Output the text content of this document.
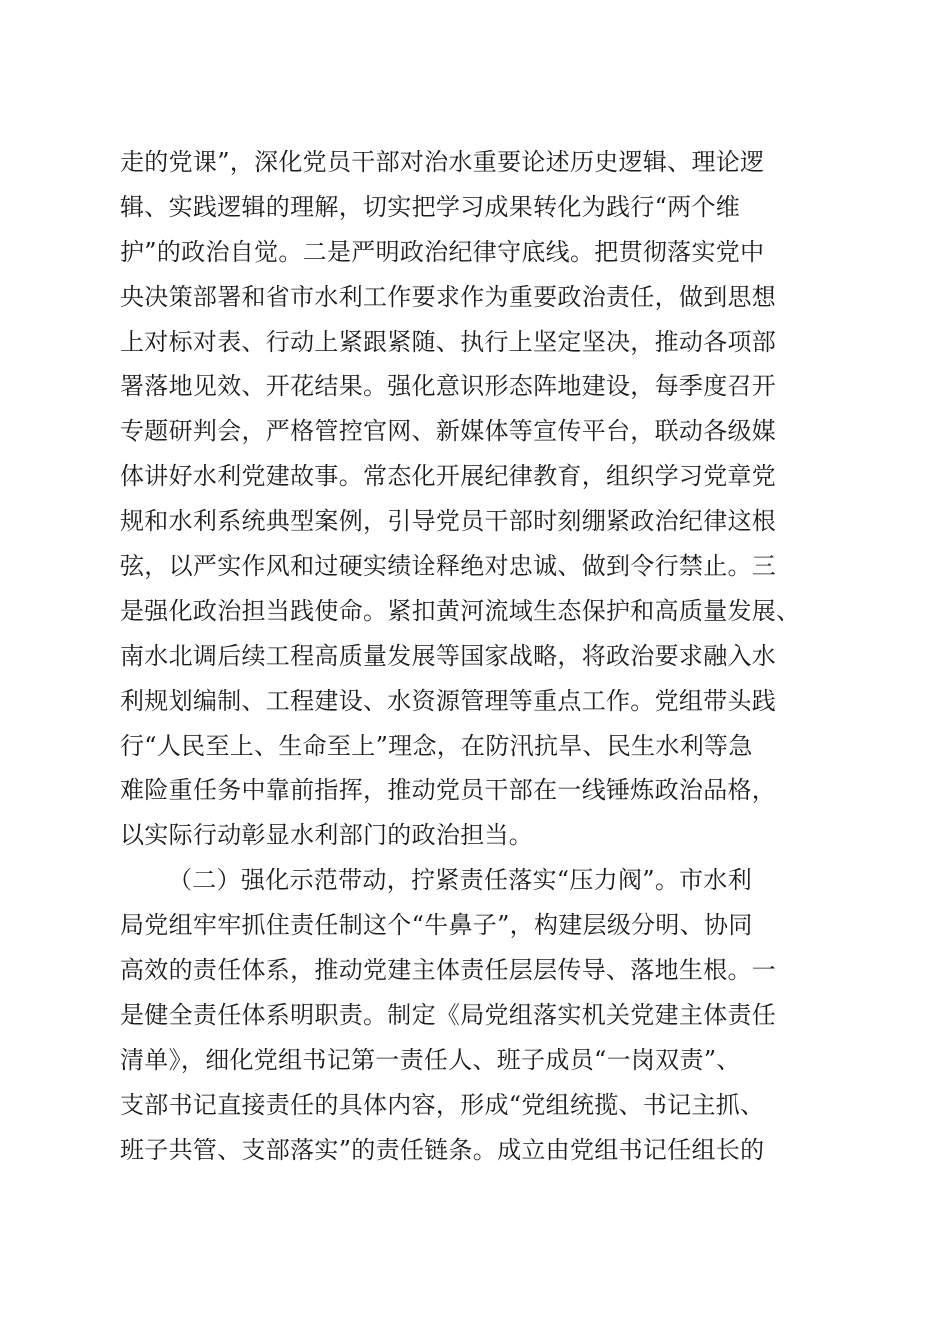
走的党课”，深化党员干部对治水重要论述历史逻辑、理论逻
辑、实践逻辑的理解，切实把学习成果转化为践行“两个维
护”的政治自觉。二是严明政治纪律守底线。把贯彻落实党中
央决策部署和省市水利工作要求作为重要政治责任，做到思想
上对标对表、行动上紧跟紧随、执行上坚定坚决，推动各项部
署落地见效、开花结果。强化意识形态阵地建设，每季度召开
专题研判会，严格管控官网、新媒体等宣传平台，联动各级媒
体讲好水利党建故事。常态化开展纪律教育，组织学习党章党
规和水利系统典型案例，引导党员干部时刻绷紧政治纪律这根
弦，以严实作风和过硬实绩诠释绝对忠诚、做到令行禁止。三
是强化政治担当践使命。紧扣黄河流域生态保护和高质量发展、
南水北调后续工程高质量发展等国家战略，将政治要求融入水
利规划编制、工程建设、水资源管理等重点工作。党组带头践
行“人民至上、生命至上”理念，在防汛抗旱、民生水利等急
难险重任务中靠前指挥，推动党员干部在一线锤炼政治品格，
以实际行动彰显水利部门的政治担当。
（二）强化示范带动，拧紧责任落实“压力阀”。市水利
局党组牢牢抓住责任制这个“牛鼻子”，构建层级分明、协同
高效的责任体系，推动党建主体责任层层传导、落地生根。一
是健全责任体系明职责。制定《局党组落实机关党建主体责任
清单》，细化党组书记第一责任人、班子成员“一岗双责”、
支部书记直接责任的具体内容，形成“党组统揽、书记主抓、
班子共管、支部落实”的责任链条。成立由党组书记任组长的
